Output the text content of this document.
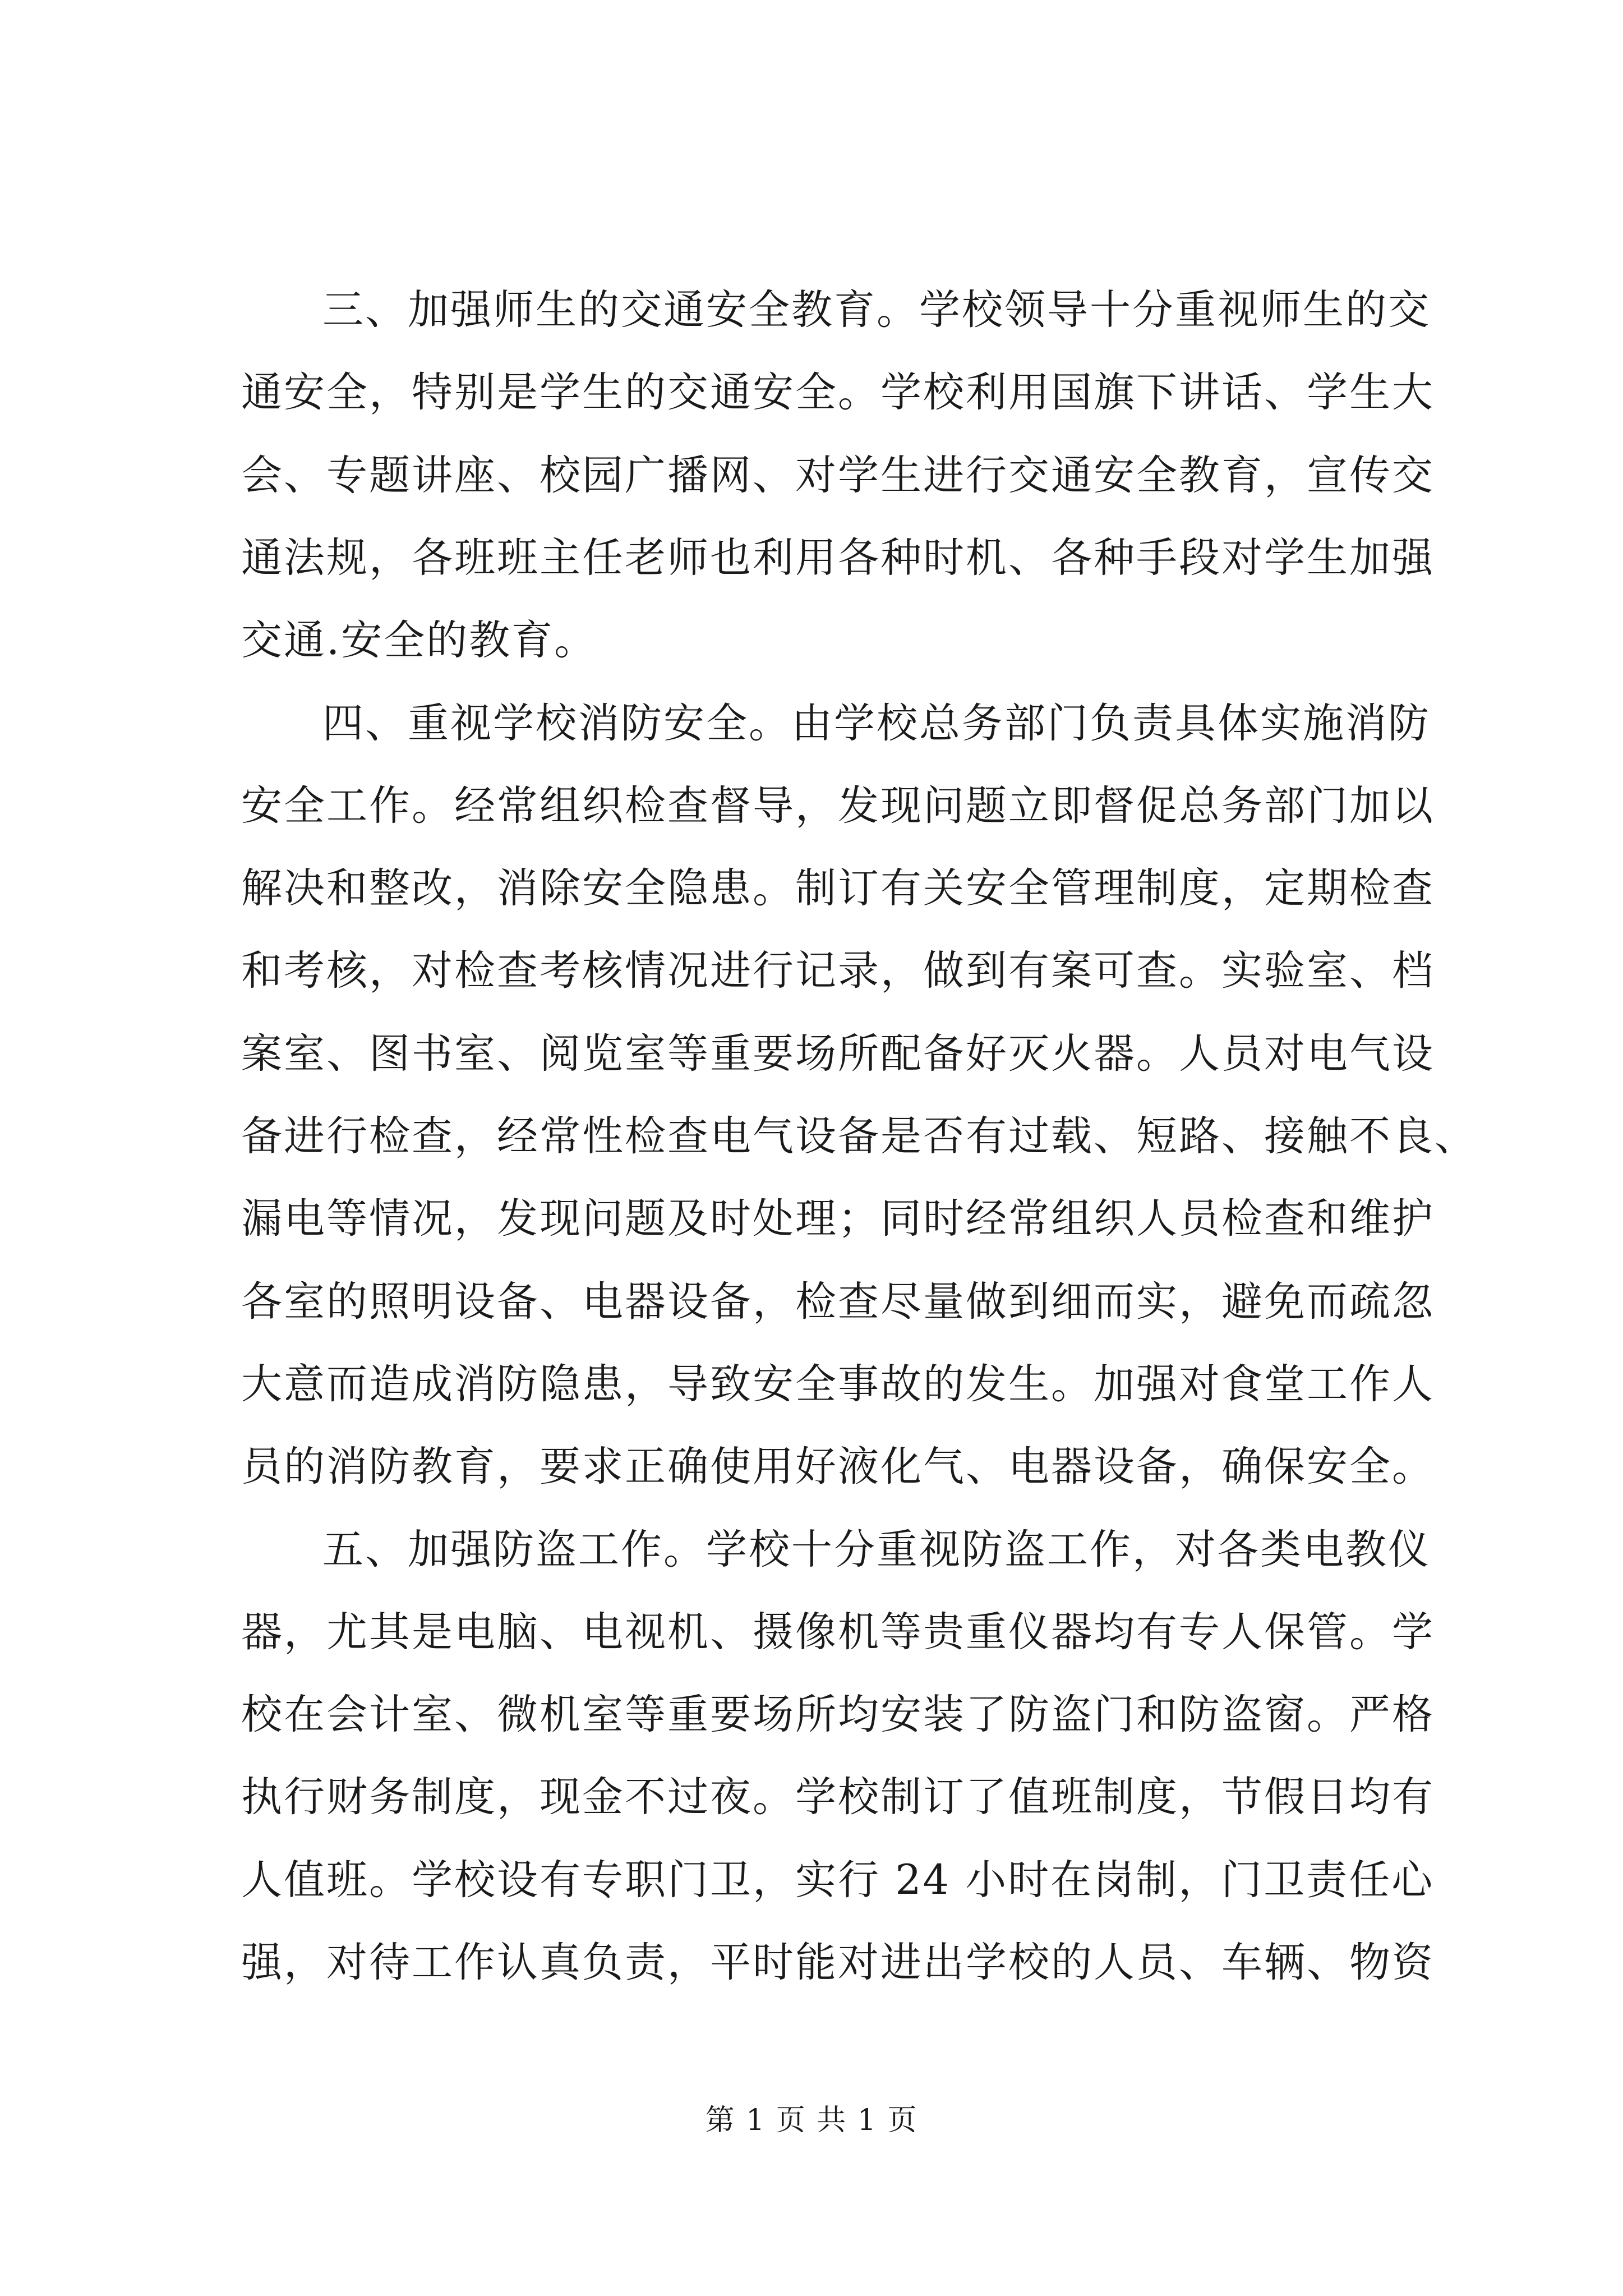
三、加强师生的交通安全教育。学校领导十分重视师生的交
通安全，特别是学生的交通安全。学校利用国旗下讲话、学生大
会、专题讲座、校园广播网、对学生进行交通安全教育，宣传交
通法规，各班班主任老师也利用各种时机、各种手段对学生加强
交通.安全的教育。
四、重视学校消防安全。由学校总务部门负责具体实施消防
安全工作。经常组织检查督导，发现问题立即督促总务部门加以
解决和整改，消除安全隐患。制订有关安全管理制度，定期检查
和考核，对检查考核情况进行记录，做到有案可查。实验室、档
案室、图书室、阅览室等重要场所配备好灭火器。人员对电气设
备进行检查，经常性检查电气设备是否有过载、短路、接触不良、
漏电等情况，发现问题及时处理；同时经常组织人员检查和维护
各室的照明设备、电器设备，检查尽量做到细而实，避免而疏忽
大意而造成消防隐患，导致安全事故的发生。加强对食堂工作人
员的消防教育，要求正确使用好液化气、电器设备，确保安全。
五、加强防盗工作。学校十分重视防盗工作，对各类电教仪
器，尤其是电脑、电视机、摄像机等贵重仪器均有专人保管。学
校在会计室、微机室等重要场所均安装了防盗门和防盗窗。严格
执行财务制度，现金不过夜。学校制订了值班制度，节假日均有
人值班。学校设有专职门卫，实行 24 小时在岗制，门卫责任心
强，对待工作认真负责，平时能对进出学校的人员、车辆、物资
第 1 页 共 1 页
